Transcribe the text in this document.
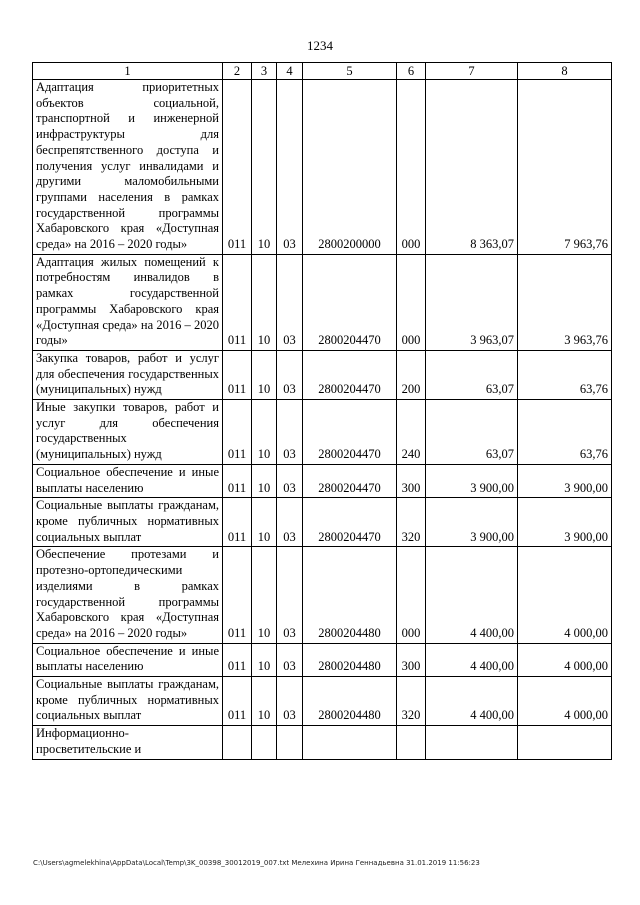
1234
1	2	3	4	5	6	7	8
Адаптация приоритетных объектов социальной, транспортной и инженерной инфраструктуры для беспрепятственного доступа и получения услуг инвалидами и другими маломобильными группами населения в рамках государственной программы Хабаровского края «Доступная среда» на 2016 – 2020 годы»	011	10	03	2800200000	000	8 363,07	7 963,76
Адаптация жилых помещений к потребностям инвалидов в рамках государственной программы Хабаровского края «Доступная среда» на 2016 – 2020 годы»	011	10	03	2800204470	000	3 963,07	3 963,76
Закупка товаров, работ и услуг для обеспечения государственных (муниципальных) нужд	011	10	03	2800204470	200	63,07	63,76
Иные закупки товаров, работ и услуг для обеспечения государственных (муниципальных) нужд	011	10	03	2800204470	240	63,07	63,76
Социальное обеспечение и иные выплаты населению	011	10	03	2800204470	300	3 900,00	3 900,00
Социальные выплаты гражданам, кроме публичных нормативных социальных выплат	011	10	03	2800204470	320	3 900,00	3 900,00
Обеспечение протезами и протезно-ортопедическими изделиями в рамках государственной программы Хабаровского края «Доступная среда» на 2016 – 2020 годы»	011	10	03	2800204480	000	4 400,00	4 000,00
Социальное обеспечение и иные выплаты населению	011	10	03	2800204480	300	4 400,00	4 000,00
Социальные выплаты гражданам, кроме публичных нормативных социальных выплат	011	10	03	2800204480	320	4 400,00	4 000,00
Информационно-просветительские и							
C:\Users\agmelekhina\AppData\Local\Temp\3K_00398_30012019_007.txt Мелехина Ирина Геннадьевна 31.01.2019 11:56:23
